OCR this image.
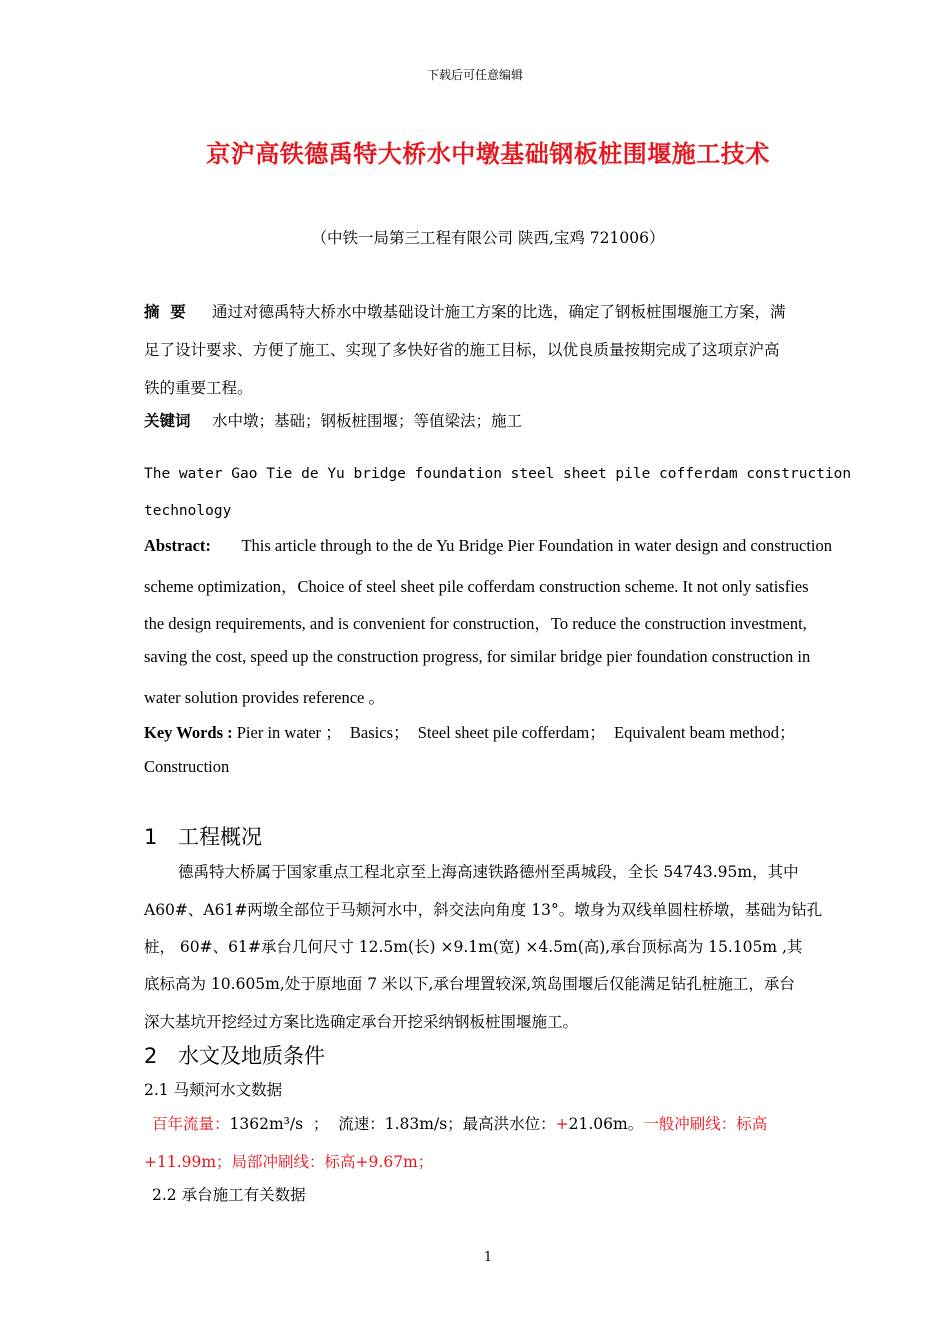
下载后可任意编辑
京沪高铁德禹特大桥水中墩基础钢板桩围堰施工技术
（中铁一局第三工程有限公司 陕西,宝鸡 721006）
摘  要 通过对德禹特大桥水中墩基础设计施工方案的比选，确定了钢板桩围堰施工方案，满
足了设计要求、方便了施工、实现了多快好省的施工目标，以优良质量按期完成了这项京沪高
铁的重要工程。
关键词 水中墩；基础；钢板桩围堰；等值梁法；施工
The water Gao Tie de Yu bridge foundation steel sheet pile cofferdam construction
technology
Abstract: This article through to the de Yu Bridge Pier Foundation in water design and construction
scheme optimization，Choice of steel sheet pile cofferdam construction scheme. It not only satisfies
the design requirements, and is convenient for construction，To reduce the construction investment,
saving the cost, speed up the construction progress, for similar bridge pier foundation construction in
water solution provides reference 。
Key Words : Pier in water ；  Basics；  Steel sheet pile cofferdam；  Equivalent beam method；
Construction
1 工程概况
德禹特大桥属于国家重点工程北京至上海高速铁路德州至禹城段，全长 54743.95m，其中
A60#、A61#两墩全部位于马颊河水中，斜交法向角度 13°。墩身为双线单圆柱桥墩，基础为钻孔
桩， 60#、61#承台几何尺寸 12.5m(长) ×9.1m(宽) ×4.5m(高),承台顶标高为 15.105m ,其
底标高为 10.605m,处于原地面 7 米以下,承台埋置较深,筑岛围堰后仅能满足钻孔桩施工，承台
深大基坑开挖经过方案比选确定承台开挖采纳钢板桩围堰施工。
2 水文及地质条件
2.1 马颊河水文数据
百年流量：1362m³/s  ；  流速：1.83m/s；最高洪水位：+21.06m。一般冲刷线：标高
+11.99m；局部冲刷线：标高+9.67m；
2.2 承台施工有关数据
1
